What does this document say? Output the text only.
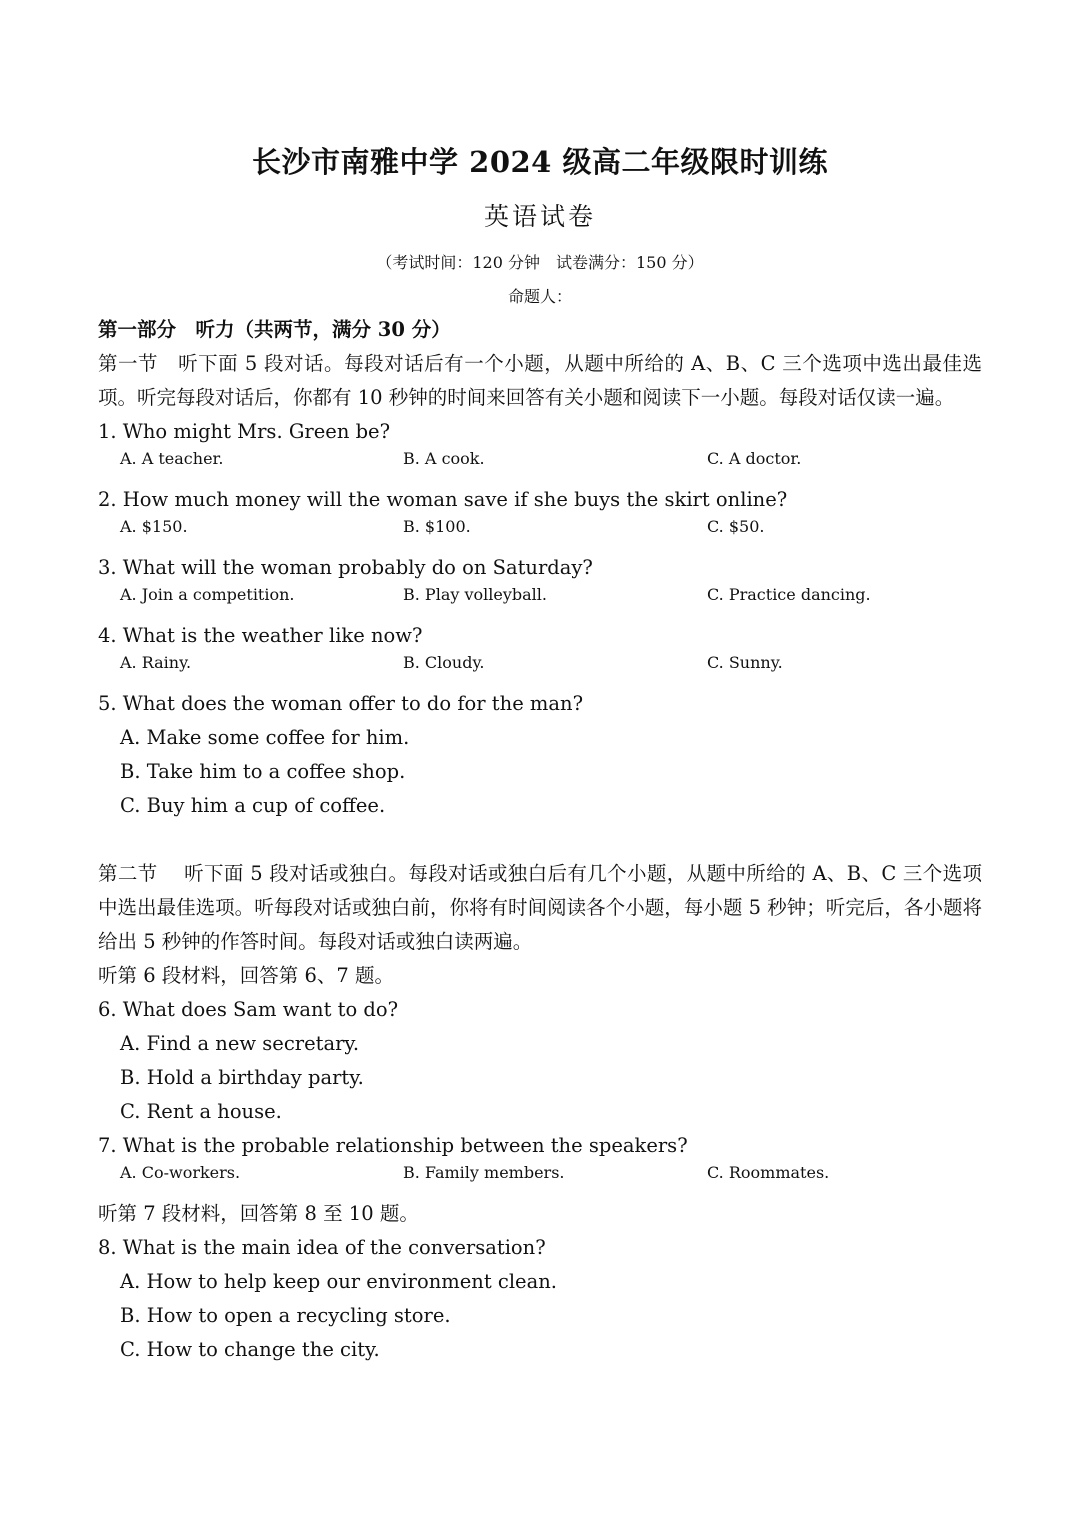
长沙市南雅中学 2024 级高二年级限时训练
英语试卷
（考试时间：120 分钟　试卷满分：150 分）
命题人：
第一部分　听力（共两节，满分 30 分）
第一节　听下面 5 段对话。每段对话后有一个小题，从题中所给的 A、B、C 三个选项中选出最佳选项。听完每段对话后，你都有 10 秒钟的时间来回答有关小题和阅读下一小题。每段对话仅读一遍。
1. Who might Mrs. Green be?
A. A teacher.	B. A cook.	C. A doctor.
2. How much money will the woman save if she buys the skirt online?
A. $150.	B. $100.	C. $50.
3. What will the woman probably do on Saturday?
A. Join a competition.	B. Play volleyball.	C. Practice dancing.
4. What is the weather like now?
A. Rainy.	B. Cloudy.	C. Sunny.
5. What does the woman offer to do for the man?
A. Make some coffee for him.
B. Take him to a coffee shop.
C. Buy him a cup of coffee.
第二节　 听下面 5 段对话或独白。每段对话或独白后有几个小题，从题中所给的 A、B、C 三个选项中选出最佳选项。听每段对话或独白前，你将有时间阅读各个小题，每小题 5 秒钟；听完后，各小题将给出 5 秒钟的作答时间。每段对话或独白读两遍。
听第 6 段材料，回答第 6、7 题。
6. What does Sam want to do?
A. Find a new secretary.
B. Hold a birthday party.
C. Rent a house.
7. What is the probable relationship between the speakers?
A. Co-workers.	B. Family members.	C. Roommates.
听第 7 段材料，回答第 8 至 10 题。
8. What is the main idea of the conversation?
A. How to help keep our environment clean.
B. How to open a recycling store.
C. How to change the city.
